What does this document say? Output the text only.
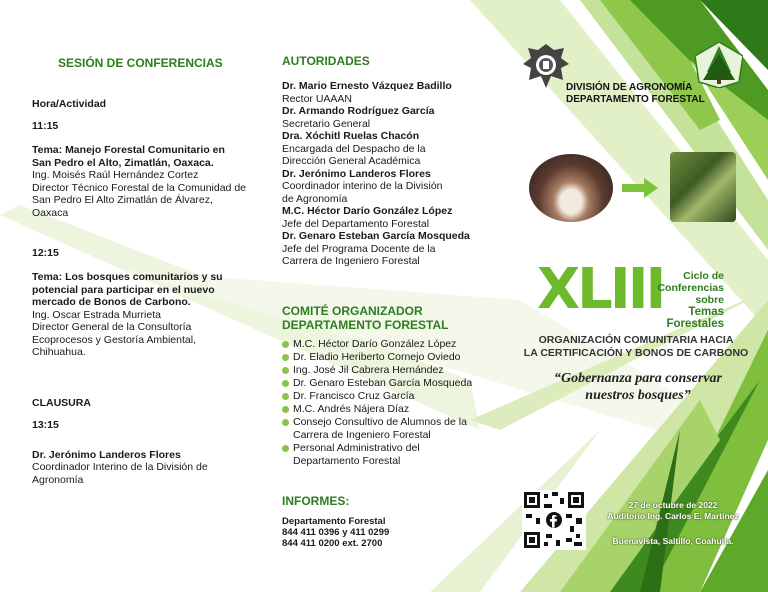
SESIÓN DE CONFERENCIAS
Hora/Actividad
11:15
Tema: Manejo Forestal Comunitario en San Pedro el Alto, Zimatlán, Oaxaca.
Ing. Moisés Raúl Hernández Cortez
Director Técnico Forestal de la Comunidad de San Pedro El Alto Zimatlán de Álvarez, Oaxaca
12:15
Tema: Los bosques comunitarios y su potencial para participar en el nuevo mercado de Bonos de Carbono.
Ing. Oscar Estrada Murrieta
Director General de la Consultoría Ecoprocesos y Gestoría Ambiental, Chihuahua.
CLAUSURA
13:15
Dr. Jerónimo Landeros Flores
Coordinador Interino de la División de Agronomía
AUTORIDADES
Dr. Mario Ernesto Vázquez Badillo
Rector UAAAN
Dr. Armando Rodríguez García
Secretario General
Dra. Xóchitl Ruelas Chacón
Encargada del Despacho de la Dirección General Académica
Dr. Jerónimo Landeros Flores
Coordinador interino de la División de Agronomía
M.C. Héctor Darío González López
Jefe del Departamento Forestal
Dr. Genaro Esteban García Mosqueda
Jefe del Programa Docente de la Carrera de Ingeniero Forestal
COMITÉ ORGANIZADOR
DEPARTAMENTO FORESTAL
M.C. Héctor Darío González López
Dr. Eladio Heriberto Cornejo Oviedo
Ing. José Jil Cabrera Hernández
Dr. Genaro Esteban García Mosqueda
Dr. Francisco Cruz García
M.C. Andrés Nájera Díaz
Consejo Consultivo de Alumnos de la Carrera de Ingeniero Forestal
Personal Administrativo del Departamento Forestal
INFORMES:
Departamento Forestal
844 411 0396 y 411 0299
844 411 0200 ext. 2700
DIVISIÓN DE AGRONOMÍA
DEPARTAMENTO FORESTAL
XLIII	Ciclo de
Conferencias
sobre
Temas Forestales
ORGANIZACIÓN COMUNITARIA HACIA
LA CERTIFICACIÓN Y BONOS DE CARBONO
“Gobernanza para conservar
nuestros bosques”
27 de octubre de 2022
Auditorio Ing. Carlos E. Martínez
Buenavista, Saltillo, Coahuila.
